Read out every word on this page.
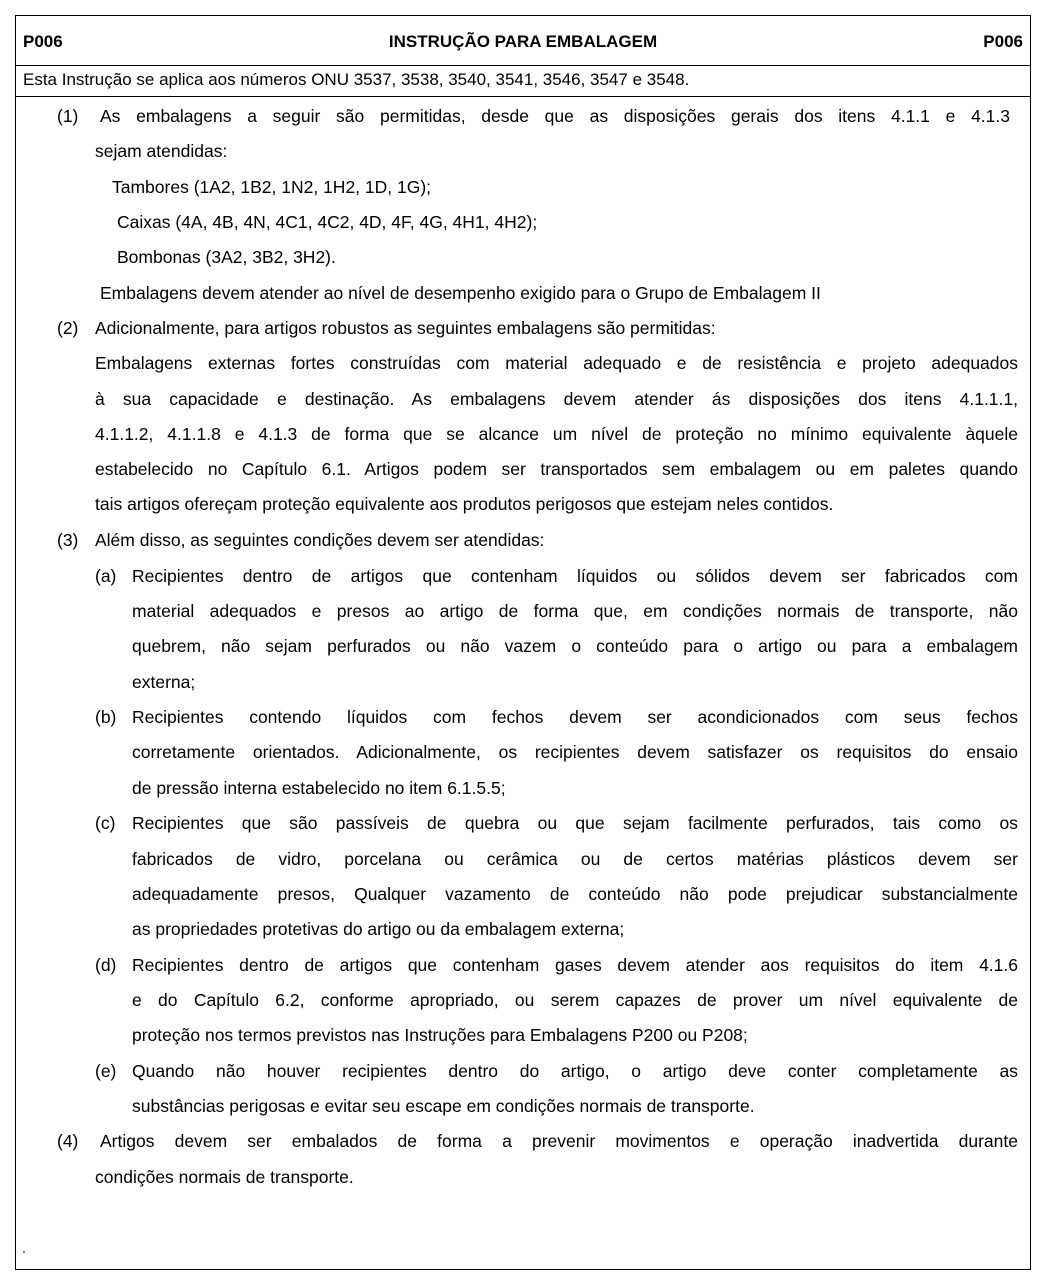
P006	INSTRUÇÃO PARA EMBALAGEM	P006
Esta Instrução se aplica aos números ONU 3537, 3538, 3540, 3541, 3546, 3547 e 3548.
(1) As embalagens a seguir são permitidas, desde que as disposições gerais dos itens 4.1.1 e 4.1.3
sejam atendidas:
Tambores (1A2, 1B2, 1N2, 1H2, 1D, 1G);
Caixas (4A, 4B, 4N, 4C1, 4C2, 4D, 4F, 4G, 4H1, 4H2);
Bombonas (3A2, 3B2, 3H2).
Embalagens devem atender ao nível de desempenho exigido para o Grupo de Embalagem II
(2) Adicionalmente, para artigos robustos as seguintes embalagens são permitidas:
Embalagens externas fortes construídas com material adequado e de resistência e projeto adequados
à sua capacidade e destinação. As embalagens devem atender ás disposições dos itens 4.1.1.1,
4.1.1.2, 4.1.1.8 e 4.1.3 de forma que se alcance um nível de proteção no mínimo equivalente àquele
estabelecido no Capítulo 6.1. Artigos podem ser transportados sem embalagem ou em paletes quando
tais artigos ofereçam proteção equivalente aos produtos perigosos que estejam neles contidos.
(3) Além disso, as seguintes condições devem ser atendidas:
(a) Recipientes dentro de artigos que contenham líquidos ou sólidos devem ser fabricados com
material adequados e presos ao artigo de forma que, em condições normais de transporte, não
quebrem, não sejam perfurados ou não vazem o conteúdo para o artigo ou para a embalagem
externa;
(b) Recipientes contendo líquidos com fechos devem ser acondicionados com seus fechos
corretamente orientados. Adicionalmente, os recipientes devem satisfazer os requisitos do ensaio
de pressão interna estabelecido no item 6.1.5.5;
(c) Recipientes que são passíveis de quebra ou que sejam facilmente perfurados, tais como os
fabricados de vidro, porcelana ou cerâmica ou de certos matérias plásticos devem ser
adequadamente presos, Qualquer vazamento de conteúdo não pode prejudicar substancialmente
as propriedades protetivas do artigo ou da embalagem externa;
(d) Recipientes dentro de artigos que contenham gases devem atender aos requisitos do item 4.1.6
e do Capítulo 6.2, conforme apropriado, ou serem capazes de prover um nível equivalente de
proteção nos termos previstos nas Instruções para Embalagens P200 ou P208;
(e) Quando não houver recipientes dentro do artigo, o artigo deve conter completamente as
substâncias perigosas e evitar seu escape em condições normais de transporte.
(4) Artigos devem ser embalados de forma a prevenir movimentos e operação inadvertida durante
condições normais de transporte.
.
